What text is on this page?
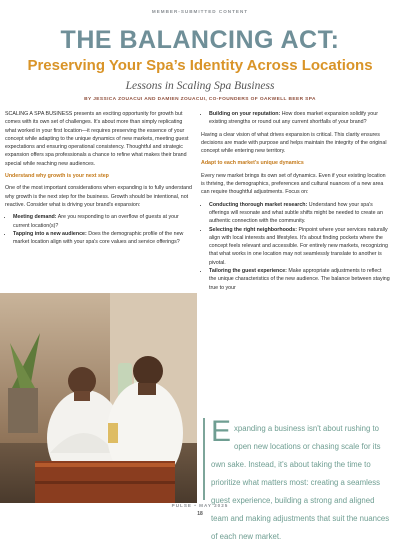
MEMBER-SUBMITTED CONTENT
THE BALANCING ACT:
Preserving Your Spa’s Identity Across Locations
Lessons in Scaling Spa Business
BY JESSICA ZOUACUI AND DAMIEN ZOUACUI, CO-FOUNDERS OF OAKWELL BEER SPA

SCALING A SPA BUSINESS presents an exciting opportunity for growth but comes with its own set of challenges. It's about more than simply replicating what worked in your first location—it requires preserving the essence of your concept while adapting to the unique dynamics of new markets, meeting guest expectations and ensuring operational consistency. Thoughtful and strategic expansion offers spa professionals a chance to refine what makes their brand special while reaching new audiences.

Understand why growth is your next step

One of the most important considerations when expanding is to fully understand why growth is the next step for the business. Growth should be intentional, not reactive. Consider what is driving your brand's expansion:

• Meeting demand: Are you responding to an overflow of guests at your current location(s)?
• Tapping into a new audience: Does the demographic profile of the new market location align with your spa's core values and service offerings?
• Building on your reputation: How does market expansion solidify your existing strengths or round out any current shortfalls of your brand?

Having a clear vision of what drives expansion is critical. This clarity ensures decisions are made with purpose and helps maintain the integrity of the original concept while entering new territory.

Adapt to each market's unique dynamics

Every new market brings its own set of dynamics. Even if your existing location is thriving, the demographics, preferences and cultural nuances of a new area can require thoughtful adjustments. Focus on:

• Conducting thorough market research: Understand how your spa's offerings will resonate and what subtle shifts might be needed to create an authentic connection with the community.
• Selecting the right neighborhoods: Pinpoint where your services naturally align with local interests and lifestyles. It's about finding pockets where the concept feels relevant and accessible. For entirely new markets, recognizing that what works in one location may not seamlessly translate to another is pivotal.
• Tailoring the guest experience: Make appropriate adjustments to reflect the unique characteristics of the new audience. The balance between staying true to your
E xpanding a business isn't about rushing to open new locations or chasing scale for its own sake. Instead, it's about taking the time to prioritize what matters most: creating a seamless guest experience, building a strong and aligned team and making adjustments that suit the nuances of each new market.
PULSE • MAY 2025
18
